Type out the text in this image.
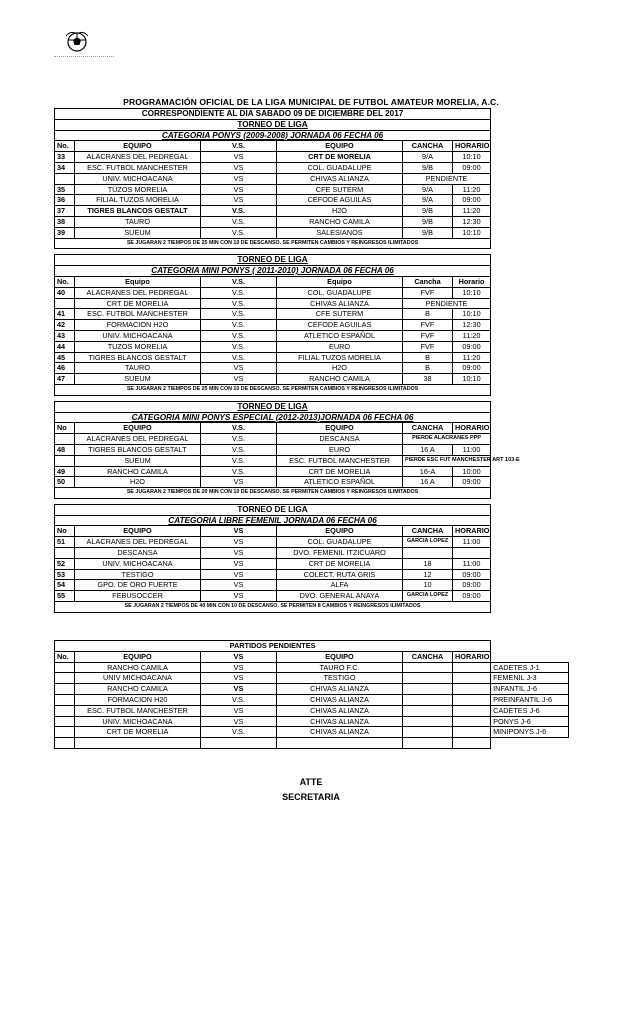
PROGRAMACIÓN OFICIAL DE LA LIGA MUNICIPAL DE FUTBOL AMATEUR MORELIA, A.C.
CORRESPONDIENTE AL DIA SABADO 09 DE DICIEMBRE DEL 2017					
TORNEO DE LIGA					
CATEGORIA PONYS (2009-2008) JORNADA 06 FECHA 06					
No.	EQUIPO	V.S.	EQUIPO	CANCHA	HORARIO
33	ALACRANES DEL PEDREGAL	VS	CRT DE MORELIA	9/A	10:10
34	ESC. FUTBOL MANCHESTER	VS	COL. GUADALUPE	9/B	09:00
	UNIV. MICHOACANA	VS	CHIVAS ALIANZA	PENDIENTE	
35	TUZOS MORELIA	VS	CFE SUTERM	9/A	11:20
36	FILIAL TUZOS MORELIA	VS	CEFODE AGUILAS	9/A	09:00
37	TIGRES BLANCOS GESTALT	V.S.	H2O	9/B	11:20
38	TAURO	V.S.	RANCHO CAMILA	9/B	12:30
39	SUEUM	V.S.	SALESIANOS	9/B	10:10
SE JUGARAN 2 TIEMPOS DE 25 MIN CON 10 DE DESCANSO. SE PERMITEN CAMBIOS Y REINGRESOS ILIMITADOS					

TORNEO DE LIGA					
CATEGORIA MINI PONYS ( 2011-2010) JORNADA 06 FECHA 06					
No.	Equipo	V.S.	Equipo	Cancha	Horario
40	ALACRANES DEL PEDREGAL	V.S.	COL. GUADALUPE	FVF	10:10
	CRT DE MORELIA	V.S.	CHIVAS ALIANZA	PENDIENTE	
41	ESC. FUTBOL MANCHESTER	V.S.	CFE SUTERM	B	10:10
42	FORMACION H2O	V.S.	CEFODE AGUILAS	FVF	12:30
43	UNIV. MICHOACANA	V.S.	ATLETICO ESPAÑOL	FVF	11:20
44	TUZOS MORELIA	V.S.	EURO	FVF	09:00
45	TIGRES BLANCOS GESTALT	V.S.	FILIAL TUZOS MORELIA	B	11:20
46	TAURO	VS	H2O	B	09:00
47	SUEUM	VS	RANCHO CAMILA	38	10:10
SE JUGARAN 2 TIEMPOS DE 25 MIN CON 10 DE DESCANSO. SE PERMITEN CAMBIOS Y REINGRESOS ILIMITADOS					

TORNEO DE LIGA					
CATEGORIA MINI PONYS ESPECIAL (2012-2013)JORNADA 06 FECHA 06					
No	EQUIPO	V.S.	EQUIPO	CANCHA	HORARIO
	ALACRANES DEL PEDREGAL	V.S.	DESCANSA	PIERDE ALACRANES PPP	
48	TIGRES BLANCOS GESTALT	V.S.	EURO	16 A	11:00
	SUEUM	V.S.	ESC. FUTBOL MANCHESTER	PIERDE ESC FUT MANCHESTER ART 103-E	
49	RANCHO CAMILA	V.S.	CRT DE MORELIA	16-A	10:00
50	H2O	VS	ATLETICO ESPAÑOL	16 A	09:00
SE JUGARAN 2 TIEMPOS DE 20 MIN CON 10 DE DESCANSO. SE PERMITEN CAMBIOS Y REINGRESOS ILIMITADOS					

TORNEO DE LIGA					
CATEGORIA LIBRE FEMENIL JORNADA 06 FECHA 06					
No	EQUIPO	VS	EQUIPO	CANCHA	HORARIO
51	ALACRANES DEL PEDREGAL	VS	COL. GUADALUPE	GARCIA LOPEZ	11:00
	DESCANSA	VS	DVO. FEMENIL ITZICUARO		
52	UNIV. MICHOACANA	VS	CRT DE MORELIA	18	11:00
53	TESTIGO	VS	COLECT. RUTA GRIS	12	09:00
54	GPO. DE ORO FUERTE	VS	ALFA	10	09:00
55	FEBUSOCCER	VS	DVO. GENERAL ANAYA	GARCIA LOPEZ	09:00
SE JUGARAN 2 TIEMPOS DE 40 MIN CON 10 DE DESCANSO. SE PERMITEN 8 CAMBIOS Y REINGRESOS ILIMITADOS					
PARTIDOS PENDIENTES						
No.	EQUIPO	VS	EQUIPO	CANCHA	HORARIO	
	RANCHO CAMILA	VS	TAURO F.C.			CADETES J-1
	UNIV MICHOACANA	VS	TESTIGO			FEMENIL J-3
	RANCHO CAMILA	VS	CHIVAS ALIANZA			INFANTIL J-6
	FORMACION H20	V.S.	CHIVAS ALIANZA			PREINFANTIL J-6
	ESC. FUTBOL MANCHESTER	VS	CHIVAS ALIANZA			CADETES J-6
	UNIV. MICHOACANA	VS	CHIVAS ALIANZA			PONYS J-6
	CRT DE MORELIA	V.S.	CHIVAS ALIANZA			MINIPONYS J-6

ATTE
SECRETARIA
